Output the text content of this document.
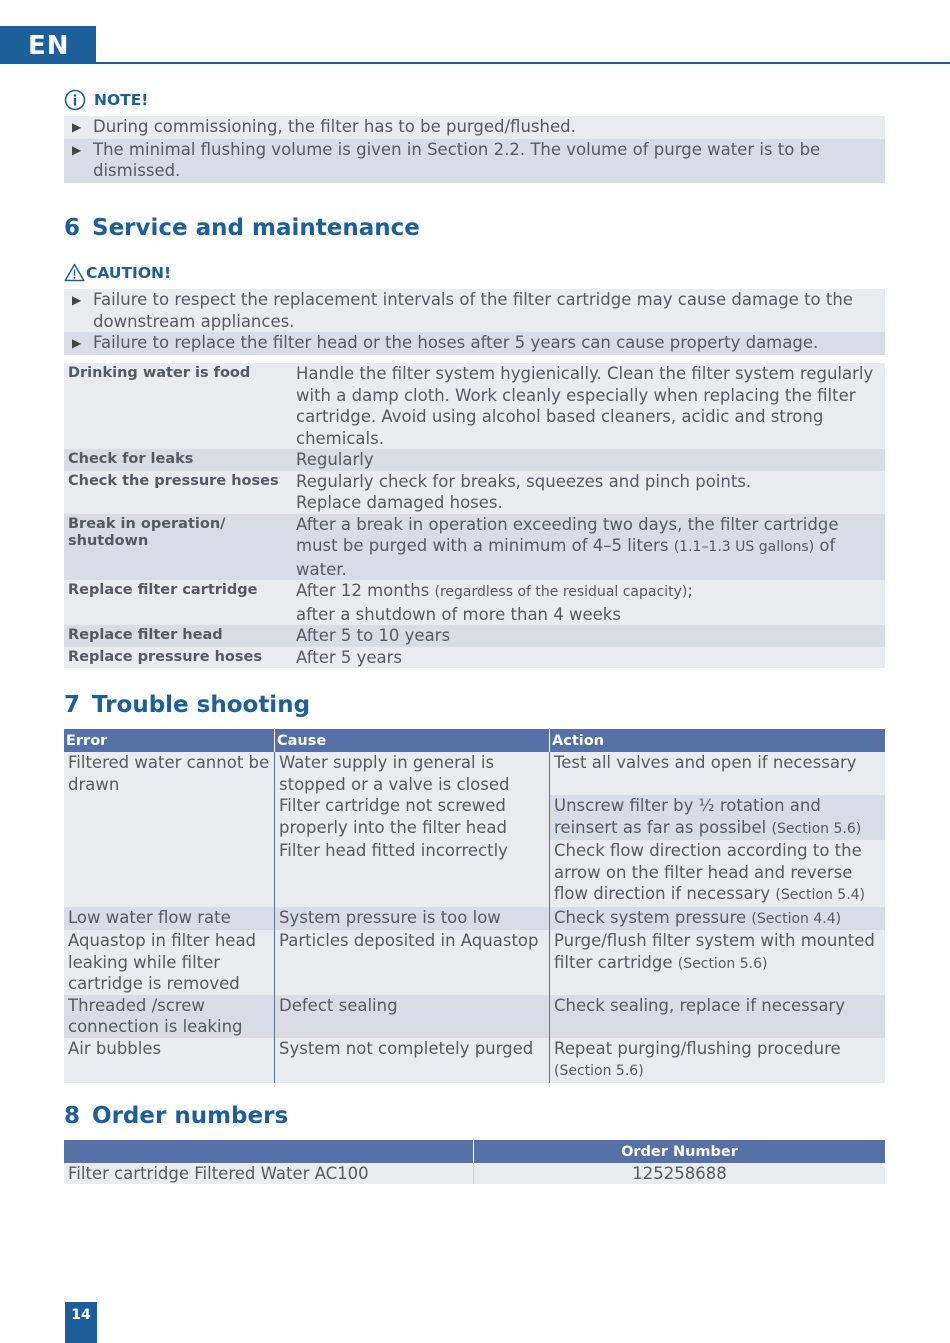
EN
NOTE!
▶ During commissioning, the filter has to be purged/flushed.
▶ The minimal flushing volume is given in Section 2.2. The volume of purge water is to be dismissed.
6 Service and maintenance
CAUTION!
▶ Failure to respect the replacement intervals of the filter cartridge may cause damage to the downstream appliances.
▶ Failure to replace the filter head or the hoses after 5 years can cause property damage.
Drinking water is food	Handle the filter system hygienically. Clean the filter system regularly with a damp cloth. Work cleanly especially when replacing the filter cartridge. Avoid using alcohol based cleaners, acidic and strong chemicals.
Check for leaks	Regularly
Check the pressure hoses	Regularly check for breaks, squeezes and pinch points.
Replace damaged hoses.
Break in operation/ shutdown	After a break in operation exceeding two days, the filter cartridge must be purged with a minimum of 4–5 liters (1.1–1.3 US gallons) of water.
Replace filter cartridge	After 12 months (regardless of the residual capacity);
after a shutdown of more than 4 weeks
Replace filter head	After 5 to 10 years
Replace pressure hoses	After 5 years
7 Trouble shooting
Error	Cause	Action
Filtered water cannot be drawn	Water supply in general is stopped or a valve is closed	Test all valves and open if necessary
	Filter cartridge not screwed properly into the filter head	Unscrew filter by ½ rotation and reinsert as far as possibel (Section 5.6)
	Filter head fitted incorrectly	Check flow direction according to the arrow on the filter head and reverse flow direction if necessary (Section 5.4)
Low water flow rate	System pressure is too low	Check system pressure (Section 4.4)
Aquastop in filter head leaking while filter cartridge is removed	Particles deposited in Aquastop	Purge/flush filter system with mounted filter cartridge (Section 5.6)
Threaded /screw connection is leaking	Defect sealing	Check sealing, replace if necessary
Air bubbles	System not completely purged	Repeat purging/flushing procedure
(Section 5.6)
8 Order numbers
	Order Number
Filter cartridge Filtered Water AC100	125258688
14
